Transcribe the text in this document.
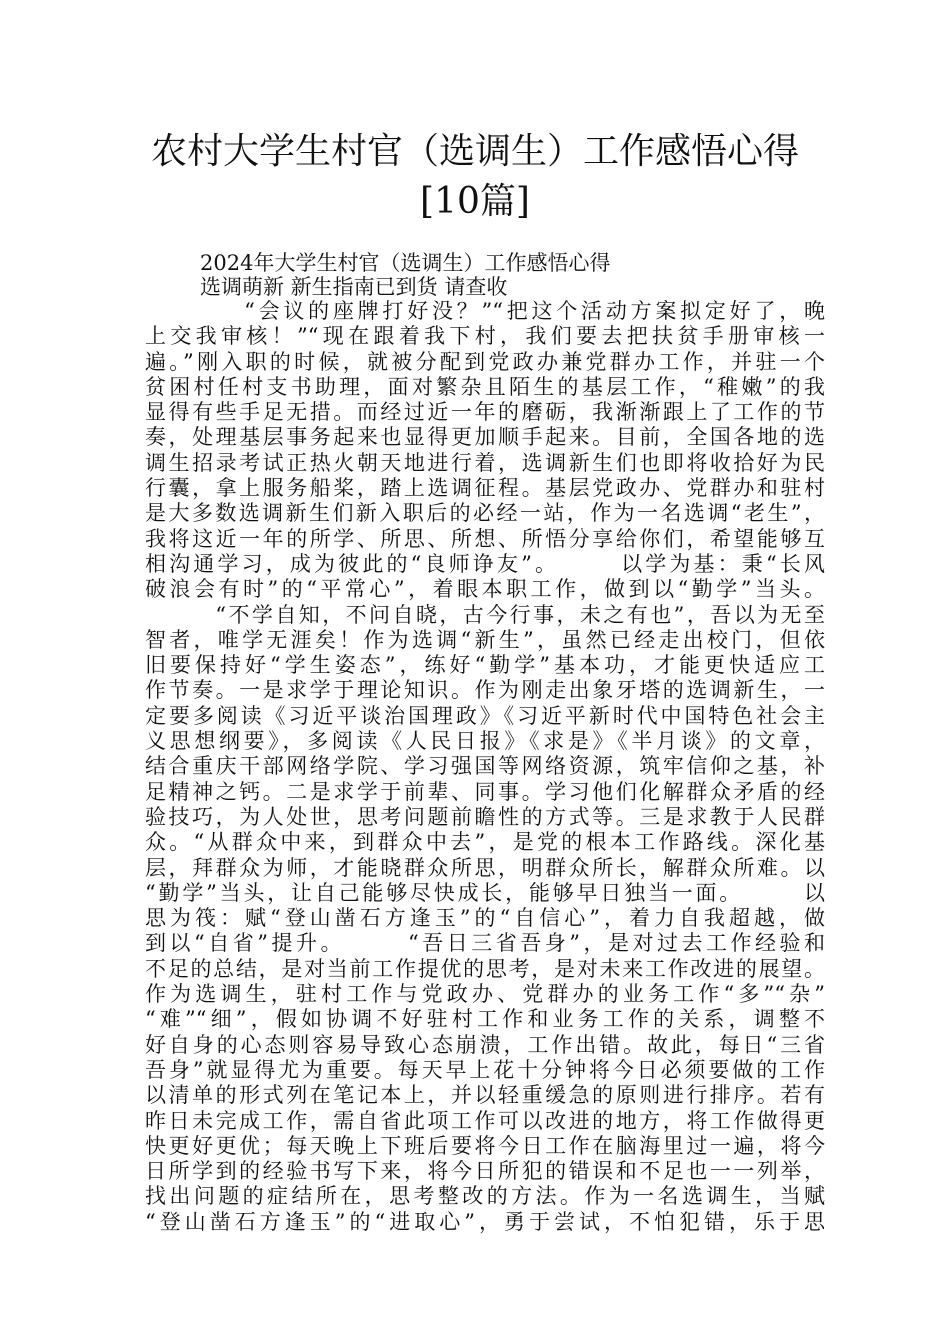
农村大学生村官（选调生）工作感悟心得
[10篇]
2024年大学生村官（选调生）工作感悟心得
选调萌新 新生指南已到货 请查收
　　　　“会议的座牌打好没？”“把这个活动方案拟定好了，晚
上交我审核！”“现在跟着我下村，我们要去把扶贫手册审核一
遍。”刚入职的时候，就被分配到党政办兼党群办工作，并驻一个
贫困村任村支书助理，面对繁杂且陌生的基层工作，“稚嫩”的我
显得有些手足无措。而经过近一年的磨砺，我渐渐跟上了工作的节
奏，处理基层事务起来也显得更加顺手起来。目前，全国各地的选
调生招录考试正热火朝天地进行着，选调新生们也即将收拾好为民
行囊，拿上服务船桨，踏上选调征程。基层党政办、党群办和驻村
是大多数选调新生们新入职后的必经一站，作为一名选调“老生”，
我将这近一年的所学、所思、所想、所悟分享给你们，希望能够互
相沟通学习，成为彼此的“良师诤友”。　　　以学为基：秉“长风
破浪会有时”的“平常心”，着眼本职工作，做到以“勤学”当头。
　　　“不学自知，不问自晓，古今行事，未之有也”，吾以为无至
智者，唯学无涯矣！作为选调“新生”，虽然已经走出校门，但依
旧要保持好“学生姿态”，练好“勤学”基本功，才能更快适应工
作节奏。一是求学于理论知识。作为刚走出象牙塔的选调新生，一
定要多阅读《习近平谈治国理政》《习近平新时代中国特色社会主
义思想纲要》，多阅读《人民日报》《求是》《半月谈》的文章，
结合重庆干部网络学院、学习强国等网络资源，筑牢信仰之基，补
足精神之钙。二是求学于前辈、同事。学习他们化解群众矛盾的经
验技巧，为人处世，思考问题前瞻性的方式等。三是求教于人民群
众。“从群众中来，到群众中去”，是党的根本工作路线。深化基
层，拜群众为师，才能晓群众所思，明群众所长，解群众所难。以
“勤学”当头，让自己能够尽快成长，能够早日独当一面。　　　以
思为筏：赋“登山凿石方逢玉”的“自信心”，着力自我超越，做
到以“自省”提升。　　　“吾日三省吾身”，是对过去工作经验和
不足的总结，是对当前工作提优的思考，是对未来工作改进的展望。
作为选调生，驻村工作与党政办、党群办的业务工作“多”“杂”
“难”“细”，假如协调不好驻村工作和业务工作的关系，调整不
好自身的心态则容易导致心态崩溃，工作出错。故此，每日“三省
吾身”就显得尤为重要。每天早上花十分钟将今日必须要做的工作
以清单的形式列在笔记本上，并以轻重缓急的原则进行排序。若有
昨日未完成工作，需自省此项工作可以改进的地方，将工作做得更
快更好更优；每天晚上下班后要将今日工作在脑海里过一遍，将今
日所学到的经验书写下来，将今日所犯的错误和不足也一一列举，
找出问题的症结所在，思考整改的方法。作为一名选调生，当赋
“登山凿石方逢玉”的“进取心”，勇于尝试，不怕犯错，乐于思
